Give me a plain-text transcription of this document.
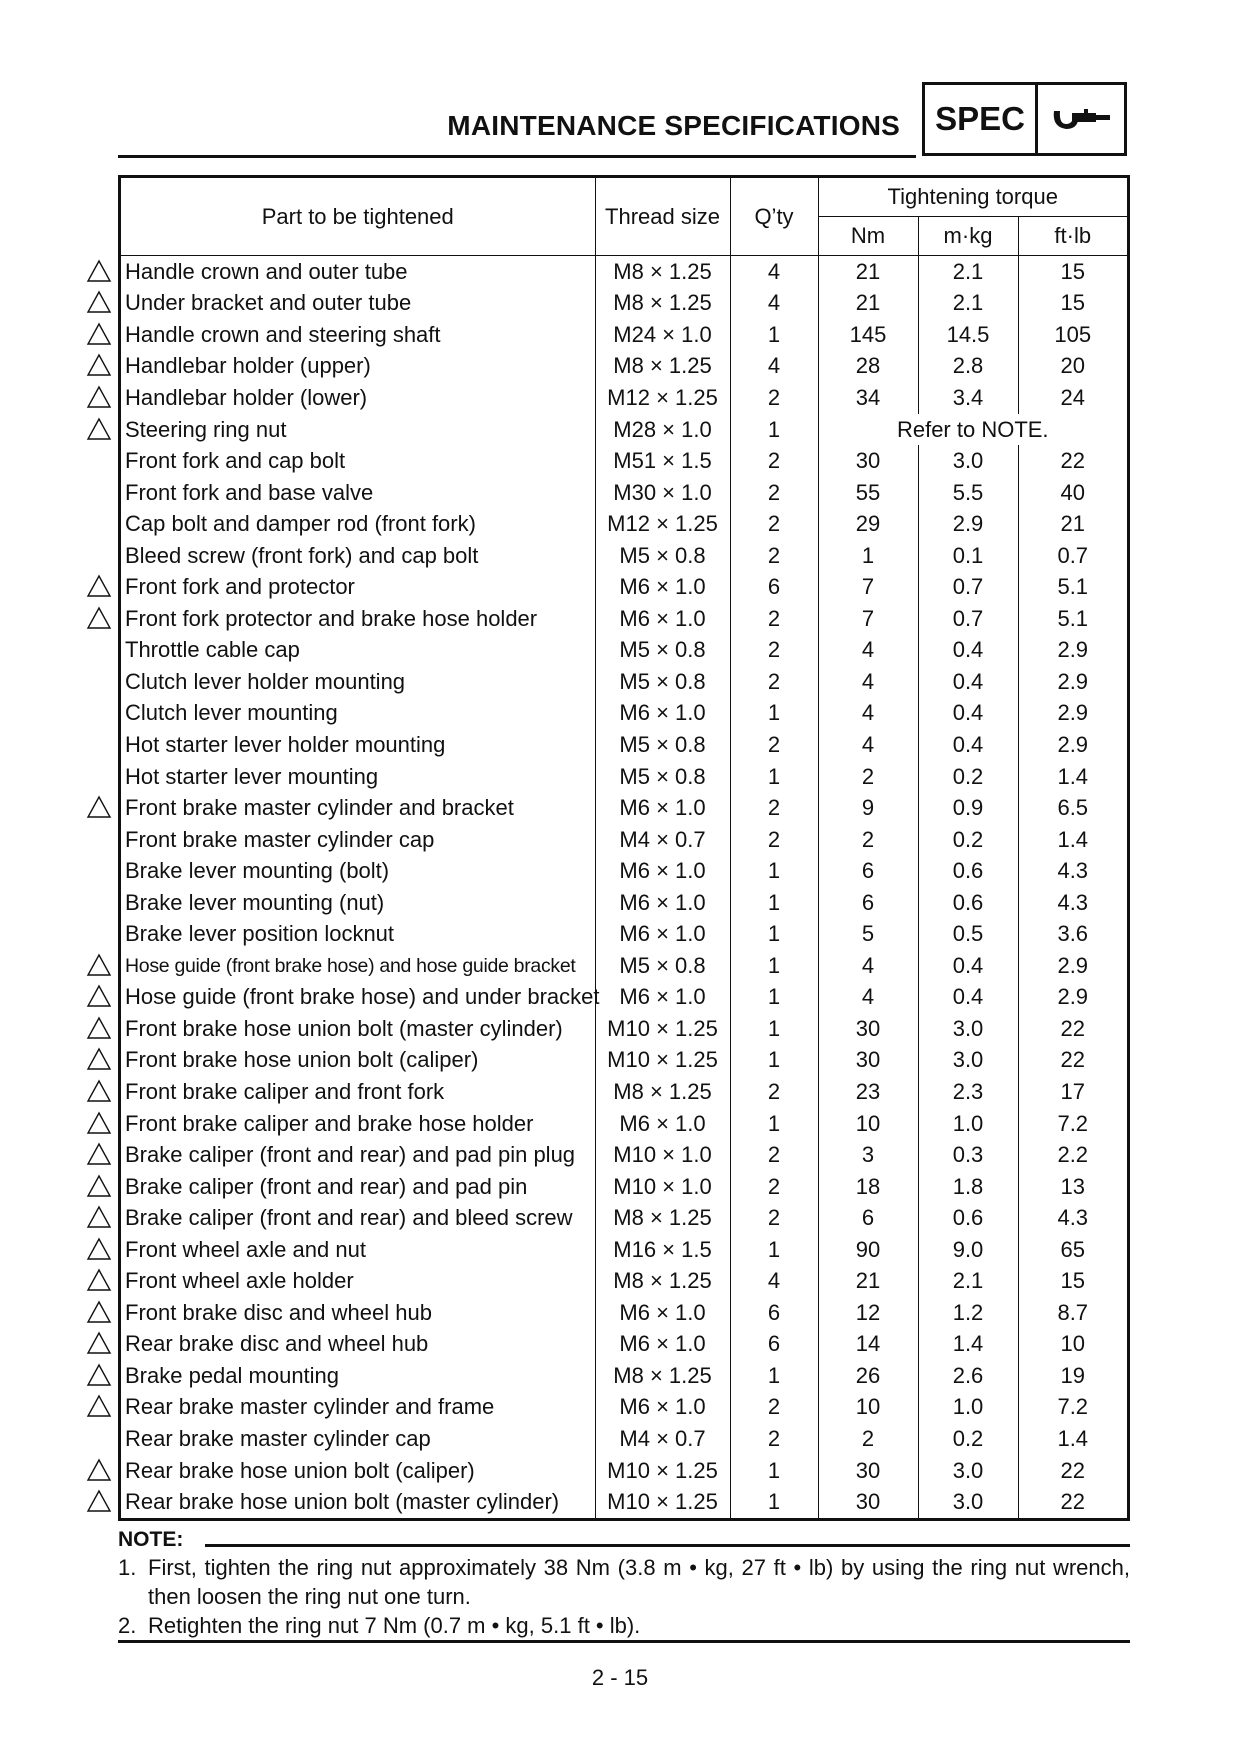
MAINTENANCE SPECIFICATIONS	SPEC
Part to be tightened	Thread size	Q’ty	Tightening torque		
			Nm	m·kg	ft·lb
Handle crown and outer tube	M8 × 1.25	4	21	2.1	15
Under bracket and outer tube	M8 × 1.25	4	21	2.1	15
Handle crown and steering shaft	M24 × 1.0	1	145	14.5	105
Handlebar holder (upper)	M8 × 1.25	4	28	2.8	20
Handlebar holder (lower)	M12 × 1.25	2	34	3.4	24
Steering ring nut	M28 × 1.0	1	Refer to NOTE.		
Front fork and cap bolt	M51 × 1.5	2	30	3.0	22
Front fork and base valve	M30 × 1.0	2	55	5.5	40
Cap bolt and damper rod (front fork)	M12 × 1.25	2	29	2.9	21
Bleed screw (front fork) and cap bolt	M5 × 0.8	2	1	0.1	0.7
Front fork and protector	M6 × 1.0	6	7	0.7	5.1
Front fork protector and brake hose holder	M6 × 1.0	2	7	0.7	5.1
Throttle cable cap	M5 × 0.8	2	4	0.4	2.9
Clutch lever holder mounting	M5 × 0.8	2	4	0.4	2.9
Clutch lever mounting	M6 × 1.0	1	4	0.4	2.9
Hot starter lever holder mounting	M5 × 0.8	2	4	0.4	2.9
Hot starter lever mounting	M5 × 0.8	1	2	0.2	1.4
Front brake master cylinder and bracket	M6 × 1.0	2	9	0.9	6.5
Front brake master cylinder cap	M4 × 0.7	2	2	0.2	1.4
Brake lever mounting (bolt)	M6 × 1.0	1	6	0.6	4.3
Brake lever mounting (nut)	M6 × 1.0	1	6	0.6	4.3
Brake lever position locknut	M6 × 1.0	1	5	0.5	3.6
Hose guide (front brake hose) and hose guide bracket	M5 × 0.8	1	4	0.4	2.9
Hose guide (front brake hose) and under bracket	M6 × 1.0	1	4	0.4	2.9
Front brake hose union bolt (master cylinder)	M10 × 1.25	1	30	3.0	22
Front brake hose union bolt (caliper)	M10 × 1.25	1	30	3.0	22
Front brake caliper and front fork	M8 × 1.25	2	23	2.3	17
Front brake caliper and brake hose holder	M6 × 1.0	1	10	1.0	7.2
Brake caliper (front and rear) and pad pin plug	M10 × 1.0	2	3	0.3	2.2
Brake caliper (front and rear) and pad pin	M10 × 1.0	2	18	1.8	13
Brake caliper (front and rear) and bleed screw	M8 × 1.25	2	6	0.6	4.3
Front wheel axle and nut	M16 × 1.5	1	90	9.0	65
Front wheel axle holder	M8 × 1.25	4	21	2.1	15
Front brake disc and wheel hub	M6 × 1.0	6	12	1.2	8.7
Rear brake disc and wheel hub	M6 × 1.0	6	14	1.4	10
Brake pedal mounting	M8 × 1.25	1	26	2.6	19
Rear brake master cylinder and frame	M6 × 1.0	2	10	1.0	7.2
Rear brake master cylinder cap	M4 × 0.7	2	2	0.2	1.4
Rear brake hose union bolt (caliper)	M10 × 1.25	1	30	3.0	22
Rear brake hose union bolt (master cylinder)	M10 × 1.25	1	30	3.0	22
NOTE:
1. First, tighten the ring nut approximately 38 Nm (3.8 m • kg, 27 ft • lb) by using the ring nut wrench, then loosen the ring nut one turn.
2. Retighten the ring nut 7 Nm (0.7 m • kg, 5.1 ft • lb).
2 - 15
